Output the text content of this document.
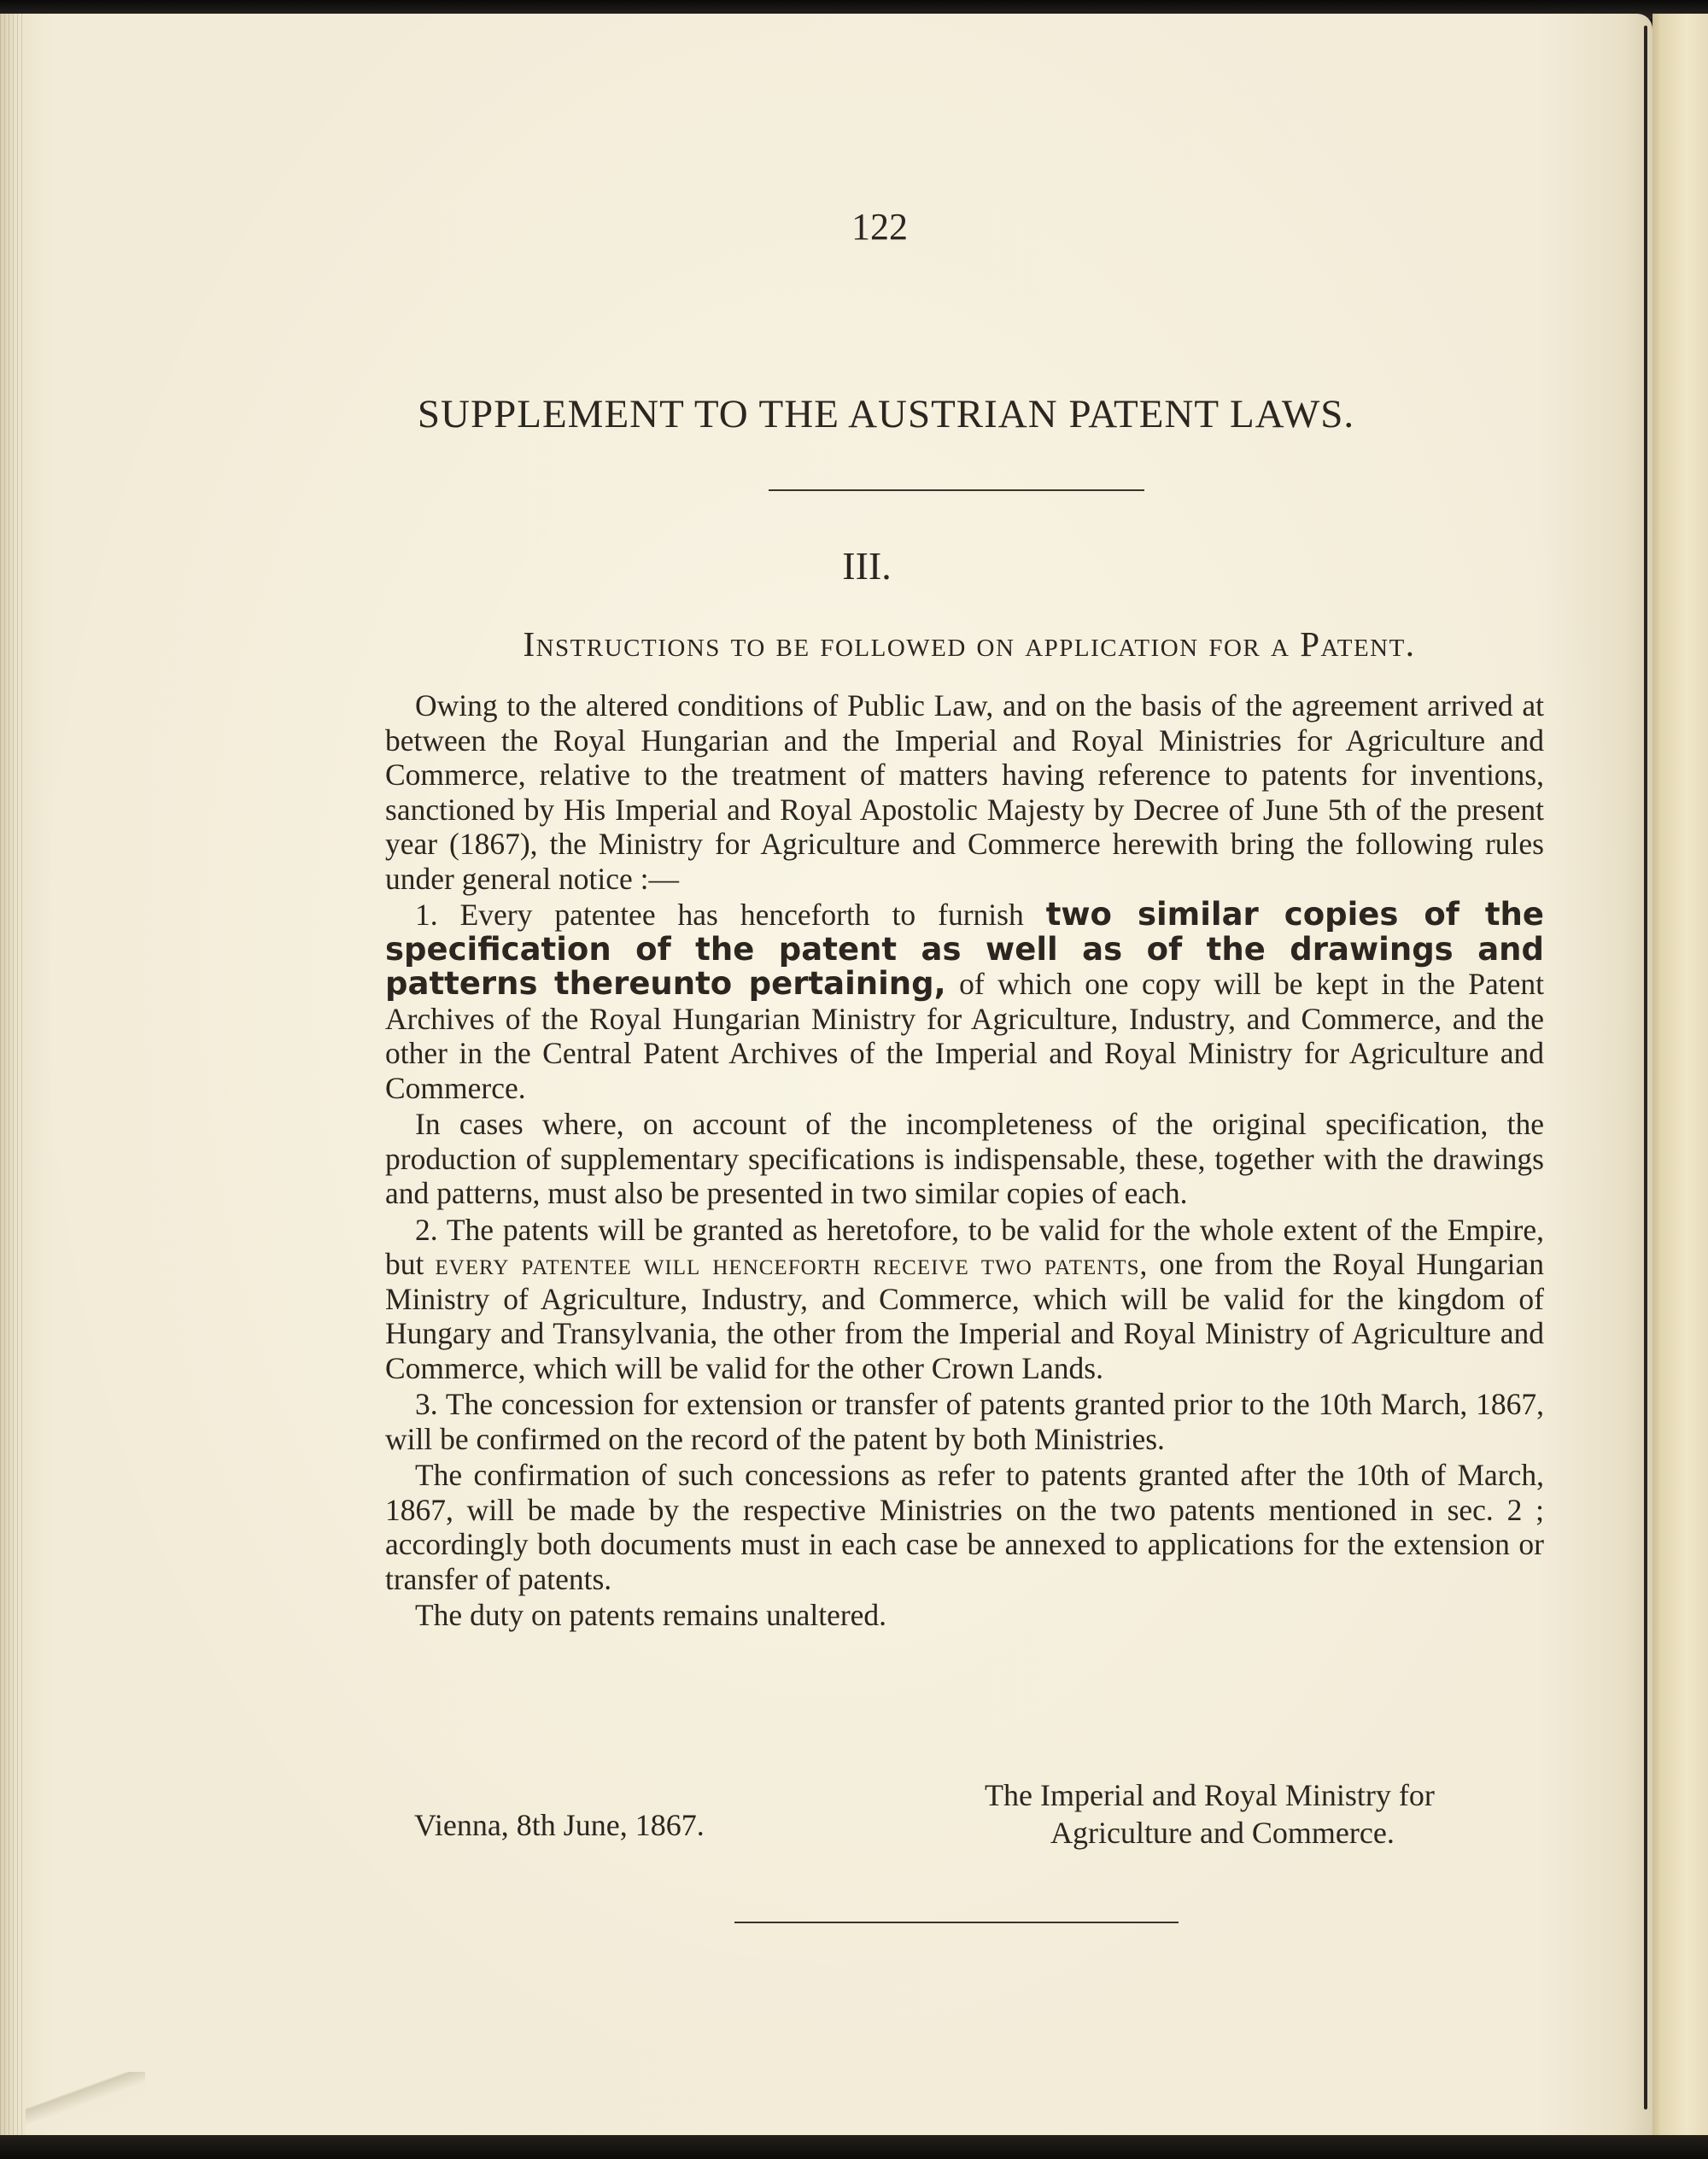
122
SUPPLEMENT TO THE AUSTRIAN PATENT LAWS.
III.
Instructions to be followed on application for a Patent.

Owing to the altered conditions of Public Law, and on the basis of the agreement arrived at between the Royal Hungarian and the Imperial and Royal Ministries for Agriculture and Commerce, relative to the treatment of matters having reference to patents for inventions, sanctioned by His Imperial and Royal Apostolic Majesty by Decree of June 5th of the present year (1867), the Ministry for Agriculture and Commerce herewith bring the following rules under general notice :—

1. Every patentee has henceforth to furnish two similar copies of the specification of the patent as well as of the drawings and patterns thereunto pertaining, of which one copy will be kept in the Patent Archives of the Royal Hungarian Ministry for Agriculture, Industry, and Commerce, and the other in the Central Patent Archives of the Imperial and Royal Ministry for Agriculture and Commerce.

In cases where, on account of the incompleteness of the original specification, the production of supplementary specifications is indispensable, these, together with the drawings and patterns, must also be presented in two similar copies of each.

2. The patents will be granted as heretofore, to be valid for the whole extent of the Empire, but every patentee will henceforth receive two patents, one from the Royal Hungarian Ministry of Agriculture, Industry, and Commerce, which will be valid for the kingdom of Hungary and Transylvania, the other from the Imperial and Royal Ministry of Agriculture and Commerce, which will be valid for the other Crown Lands.

3. The concession for extension or transfer of patents granted prior to the 10th March, 1867, will be confirmed on the record of the patent by both Ministries.

The confirmation of such concessions as refer to patents granted after the 10th of March, 1867, will be made by the respective Ministries on the two patents mentioned in sec. 2 ; accordingly both documents must in each case be annexed to applications for the extension or transfer of patents.

The duty on patents remains unaltered.

The Imperial and Royal Ministry for
Agriculture and Commerce.
Vienna, 8th June, 1867.
